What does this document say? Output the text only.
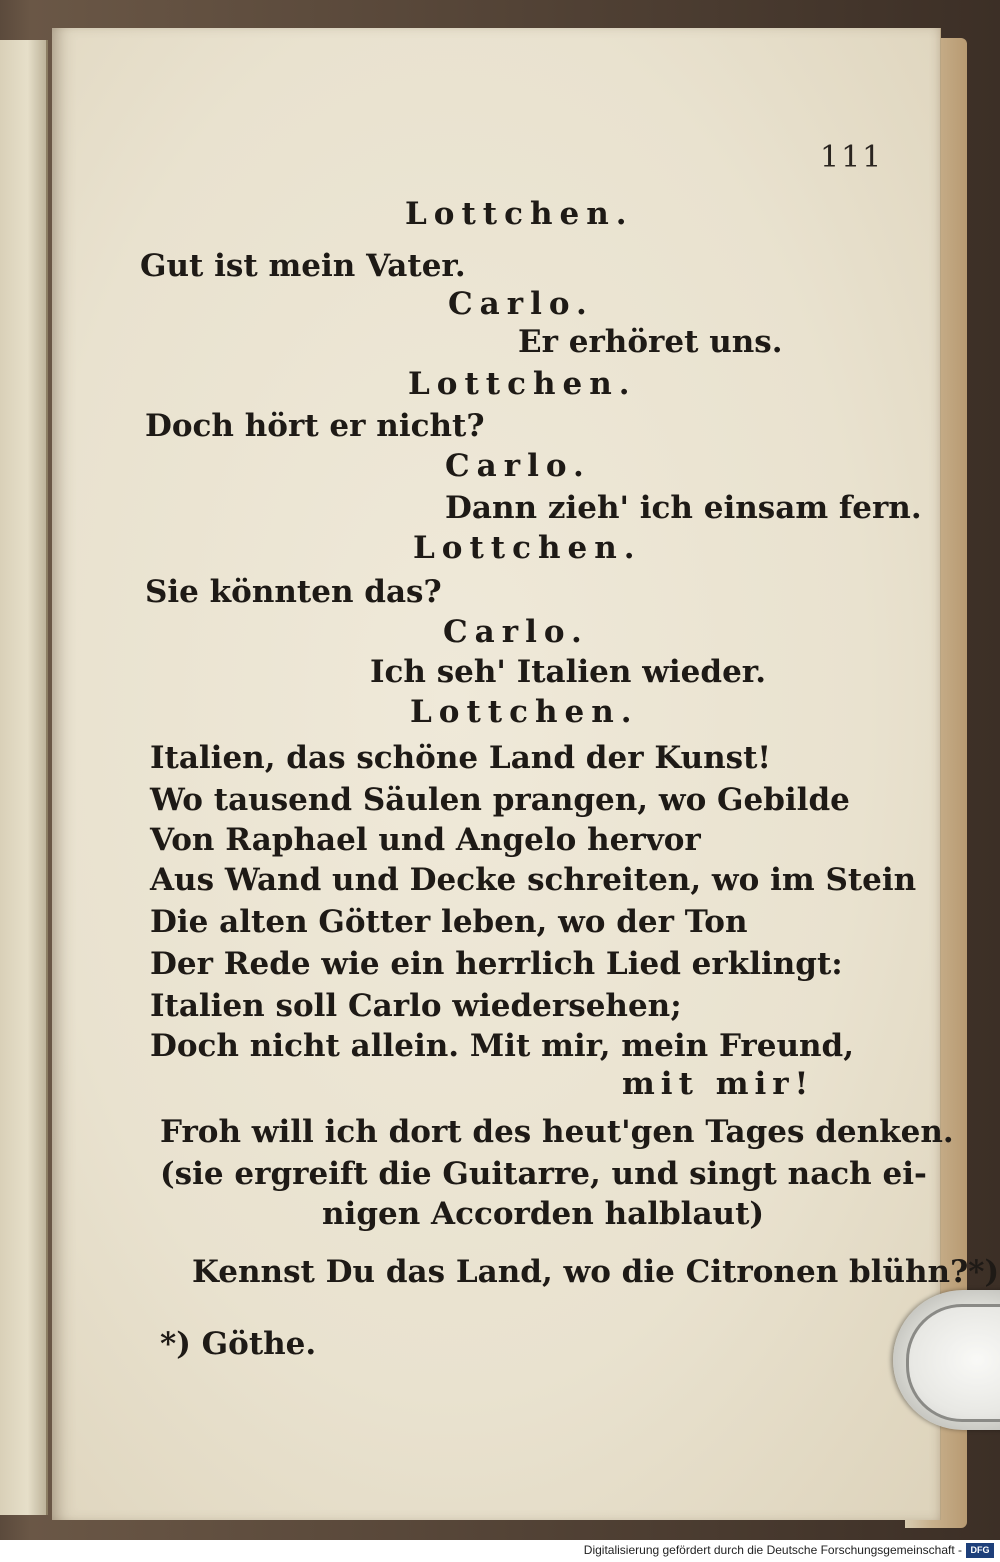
111
Lottchen.
Gut ist mein Vater.
Carlo.
Er erhöret uns.
Lottchen.
Doch hört er nicht?
Carlo.
Dann zieh' ich einsam fern.
Lottchen.
Sie könnten das?
Carlo.
Ich seh' Italien wieder.
Lottchen.
Italien, das schöne Land der Kunst!
Wo tausend Säulen prangen, wo Gebilde
Von Raphael und Angelo hervor
Aus Wand und Decke schreiten, wo im Stein
Die alten Götter leben, wo der Ton
Der Rede wie ein herrlich Lied erklingt:
Italien soll Carlo wiedersehen;
Doch nicht allein. Mit mir, mein Freund,
mit mir!
Froh will ich dort des heut'gen Tages denken.
(sie ergreift die Guitarre, und singt nach ei-
nigen Accorden halblaut)
Kennst Du das Land, wo die Citronen blühn?*)
*) Göthe.
Digitalisierung gefördert durch die Deutsche Forschungsgemeinschaft - DFG
